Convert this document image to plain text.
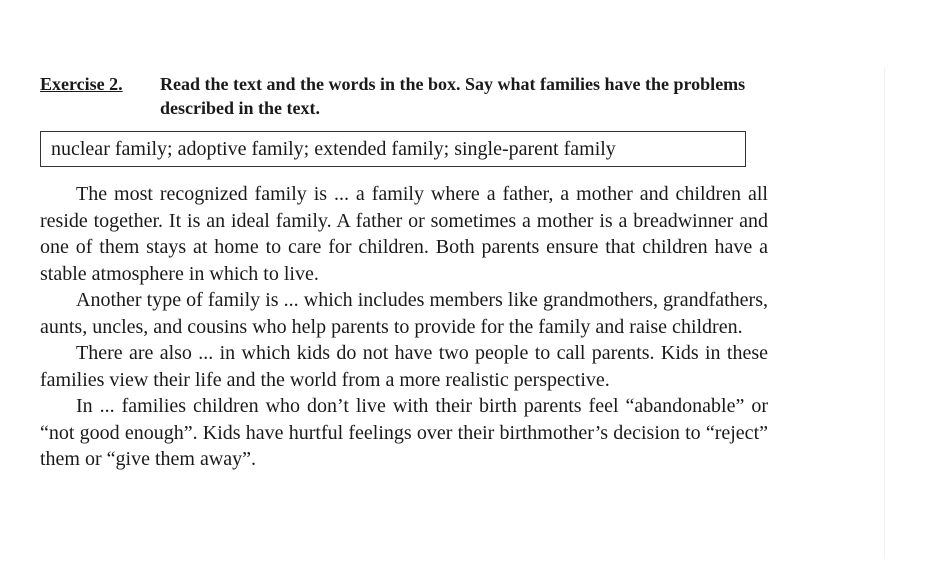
Exercise 2.	Read the text and the words in the box. Say what families have the problems described in the text.
nuclear family; adoptive family; extended family; single-parent family

The most recognized family is ... a family where a father, a mother and children all reside together. It is an ideal family. A father or sometimes a mother is a breadwinner and one of them stays at home to care for children. Both parents ensure that children have a stable atmosphere in which to live.

Another type of family is ... which includes members like grandmothers, grandfathers, aunts, uncles, and cousins who help parents to provide for the family and raise children.

There are also ... in which kids do not have two people to call parents. Kids in these families view their life and the world from a more realistic perspective.

In ... families children who don’t live with their birth parents feel “abandonable” or “not good enough”. Kids have hurtful feelings over their birthmother’s decision to “reject” them or “give them away”.
